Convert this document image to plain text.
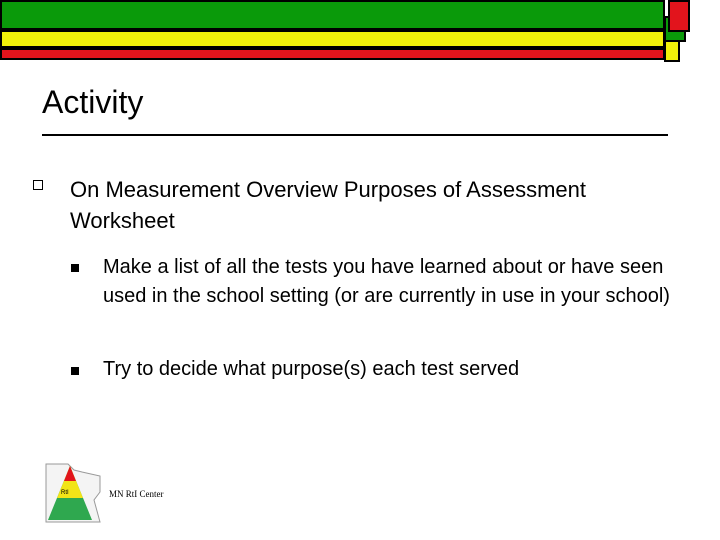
Activity

On Measurement Overview Purposes of Assessment Worksheet

Make a list of all the tests you have learned about or have seen used in the school setting (or are currently in use in your school)

Try to decide what purpose(s) each test served

RtI	MN RtI Center
